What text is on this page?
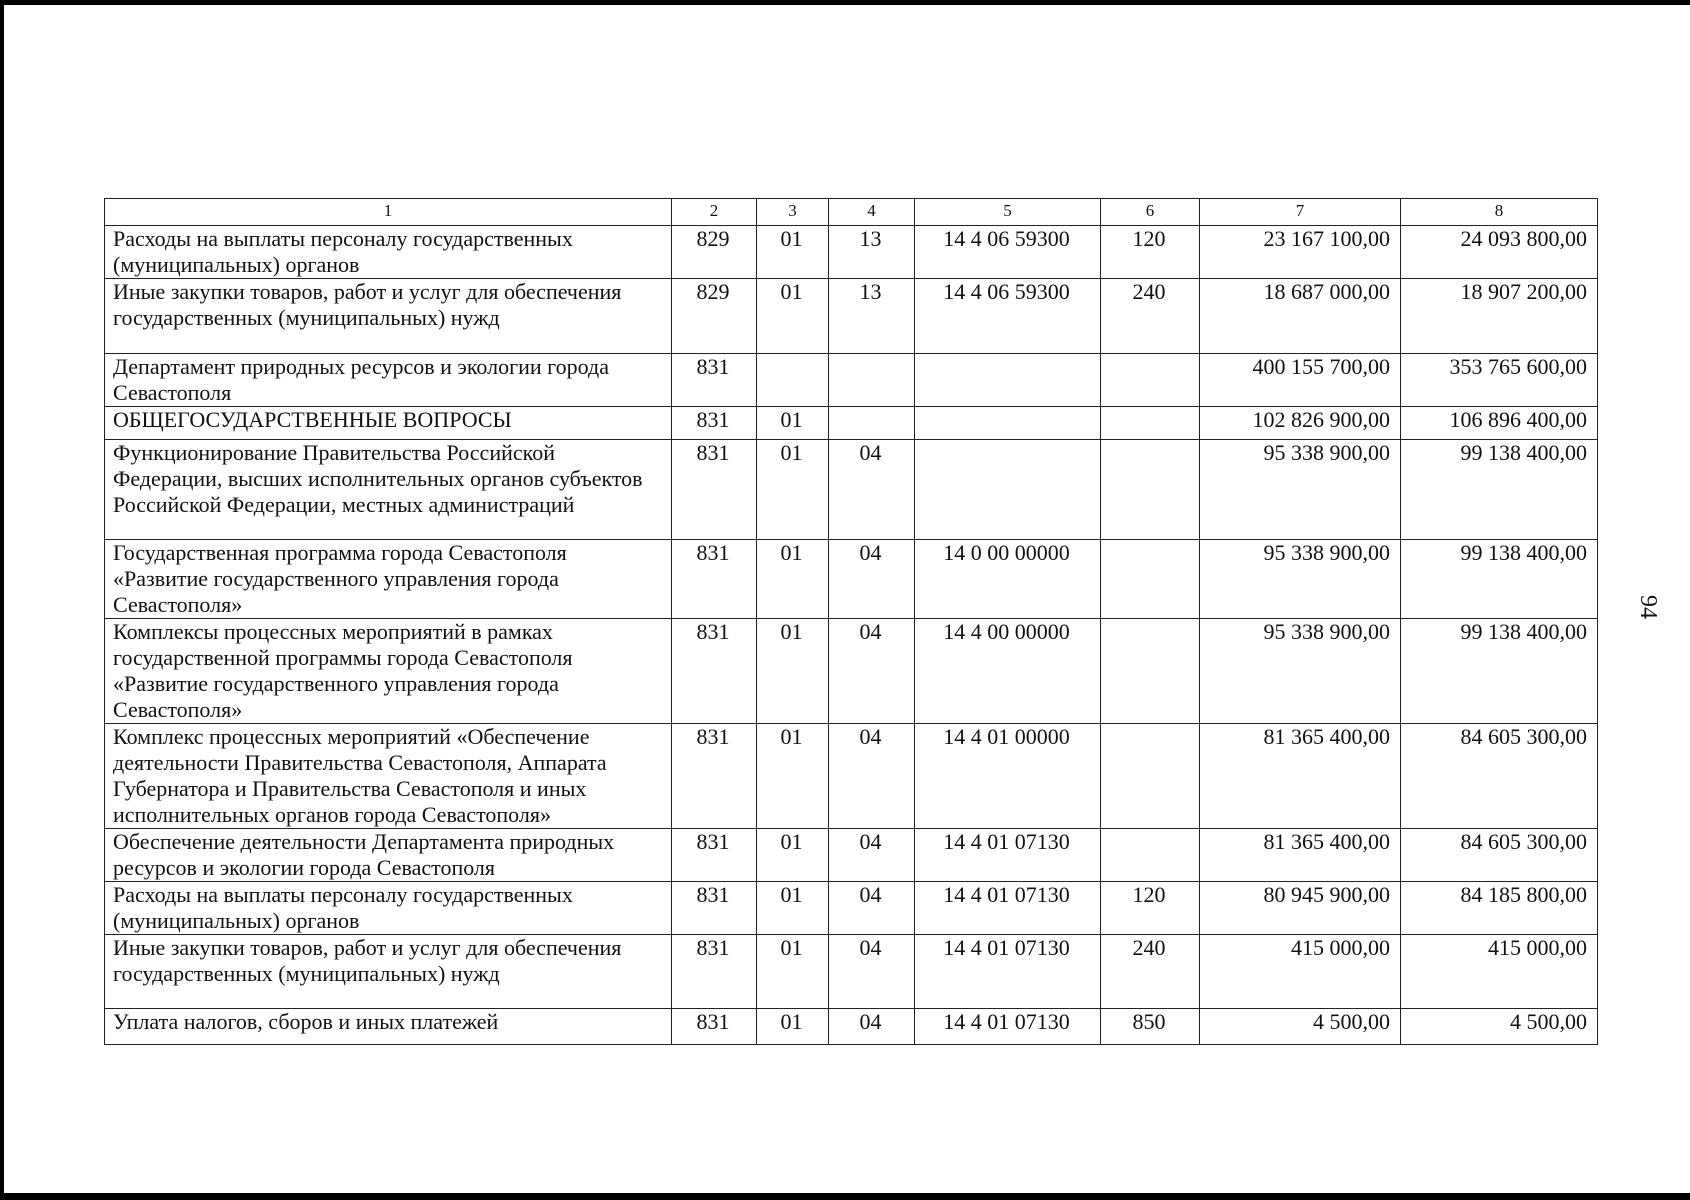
1	2	3	4	5	6	7	8
Расходы на выплаты персоналу государственных (муниципальных) органов	829	01	13	14 4 06 59300	120	23 167 100,00	24 093 800,00
Иные закупки товаров, работ и услуг для обеспечения государственных (муниципальных) нужд	829	01	13	14 4 06 59300	240	18 687 000,00	18 907 200,00
Департамент природных ресурсов и экологии города Севастополя	831					400 155 700,00	353 765 600,00
ОБЩЕГОСУДАРСТВЕННЫЕ ВОПРОСЫ	831	01				102 826 900,00	106 896 400,00
Функционирование Правительства Российской Федерации, высших исполнительных органов субъектов Российской Федерации, местных администраций	831	01	04			95 338 900,00	99 138 400,00
Государственная программа города Севастополя «Развитие государственного управления города Севастополя»	831	01	04	14 0 00 00000		95 338 900,00	99 138 400,00
Комплексы процессных мероприятий в рамках государственной программы города Севастополя «Развитие государственного управления города Севастополя»	831	01	04	14 4 00 00000		95 338 900,00	99 138 400,00
Комплекс процессных мероприятий «Обеспечение деятельности Правительства Севастополя, Аппарата Губернатора и Правительства Севастополя и иных исполнительных органов города Севастополя»	831	01	04	14 4 01 00000		81 365 400,00	84 605 300,00
Обеспечение деятельности Департамента природных ресурсов и экологии города Севастополя	831	01	04	14 4 01 07130		81 365 400,00	84 605 300,00
Расходы на выплаты персоналу государственных (муниципальных) органов	831	01	04	14 4 01 07130	120	80 945 900,00	84 185 800,00
Иные закупки товаров, работ и услуг для обеспечения государственных (муниципальных) нужд	831	01	04	14 4 01 07130	240	415 000,00	415 000,00
Уплата налогов, сборов и иных платежей	831	01	04	14 4 01 07130	850	4 500,00	4 500,00
94
